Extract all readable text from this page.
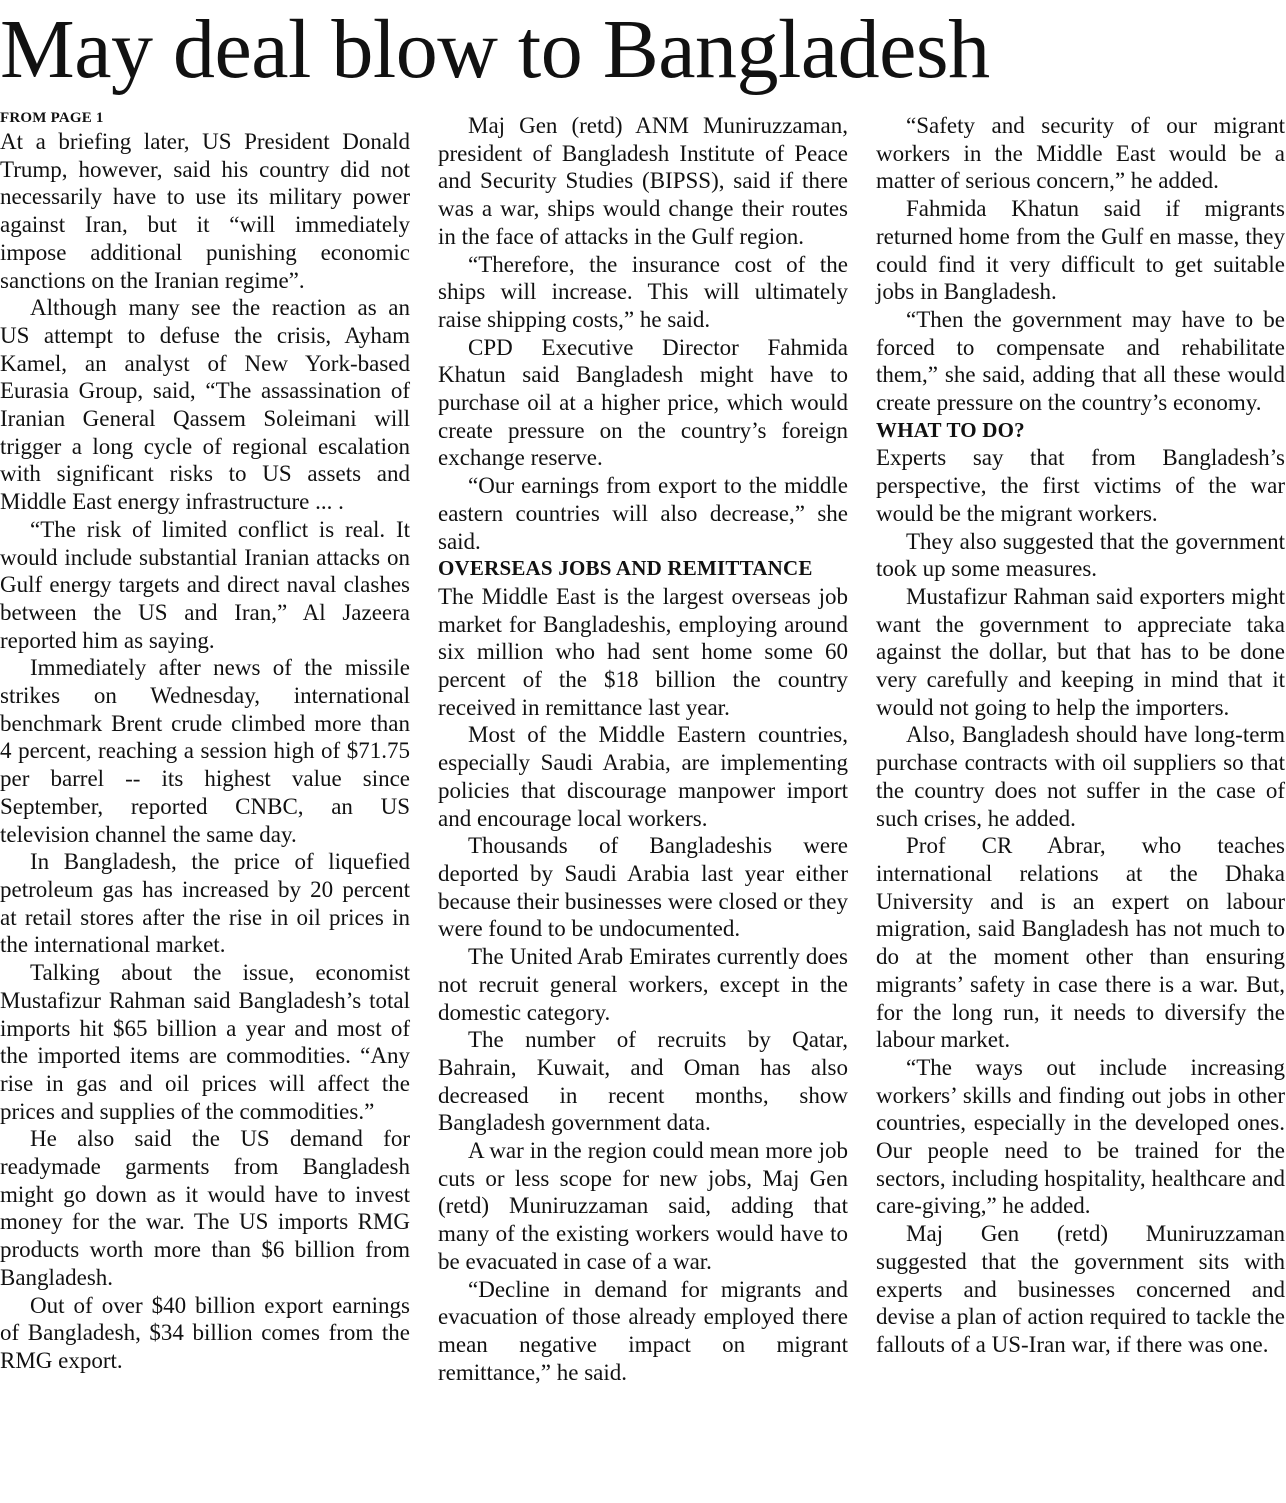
May deal blow to Bangladesh
FROM PAGE 1

At a briefing later, US President Donald Trump, however, said his country did not necessarily have to use its military power against Iran, but it “will immediately impose additional punishing economic sanctions on the Iranian regime”.

Although many see the reaction as an US attempt to defuse the crisis, Ayham Kamel, an analyst of New York-based Eurasia Group, said, “The assassination of Iranian General Qassem Soleimani will trigger a long cycle of regional escalation with significant risks to US assets and Middle East energy infrastructure ... .

“The risk of limited conflict is real. It would include substantial Iranian attacks on Gulf energy targets and direct naval clashes between the US and Iran,” Al Jazeera reported him as saying.

Immediately after news of the missile strikes on Wednesday, international benchmark Brent crude climbed more than 4 percent, reaching a session high of $71.75 per barrel -- its highest value since September, reported CNBC, an US television channel the same day.

In Bangladesh, the price of liquefied petroleum gas has increased by 20 percent at retail stores after the rise in oil prices in the international market.

Talking about the issue, economist Mustafizur Rahman said Bangladesh’s total imports hit $65 billion a year and most of the imported items are commodities. “Any rise in gas and oil prices will affect the prices and supplies of the commodities.”

He also said the US demand for readymade garments from Bangladesh might go down as it would have to invest money for the war. The US imports RMG products worth more than $6 billion from Bangladesh.

Out of over $40 billion export earnings of Bangladesh, $34 billion comes from the RMG export.

Maj Gen (retd) ANM Muniruzzaman, president of Bangladesh Institute of Peace and Security Studies (BIPSS), said if there was a war, ships would change their routes in the face of attacks in the Gulf region.

“Therefore, the insurance cost of the ships will increase. This will ultimately raise shipping costs,” he said.

CPD Executive Director Fahmida Khatun said Bangladesh might have to purchase oil at a higher price, which would create pressure on the country’s foreign exchange reserve.

“Our earnings from export to the middle eastern countries will also decrease,” she said.

OVERSEAS JOBS AND REMITTANCE

The Middle East is the largest overseas job market for Bangladeshis, employing around six million who had sent home some 60 percent of the $18 billion the country received in remittance last year.

Most of the Middle Eastern countries, especially Saudi Arabia, are implementing policies that discourage manpower import and encourage local workers.

Thousands of Bangladeshis were deported by Saudi Arabia last year either because their businesses were closed or they were found to be undocumented.

The United Arab Emirates currently does not recruit general workers, except in the domestic category.

The number of recruits by Qatar, Bahrain, Kuwait, and Oman has also decreased in recent months, show Bangladesh government data.

A war in the region could mean more job cuts or less scope for new jobs, Maj Gen (retd) Muniruzzaman said, adding that many of the existing workers would have to be evacuated in case of a war.

“Decline in demand for migrants and evacuation of those already employed there mean negative impact on migrant remittance,” he said.

“Safety and security of our migrant workers in the Middle East would be a matter of serious concern,” he added.

Fahmida Khatun said if migrants returned home from the Gulf en masse, they could find it very difficult to get suitable jobs in Bangladesh.

“Then the government may have to be forced to compensate and rehabilitate them,” she said, adding that all these would create pressure on the country’s economy.

WHAT TO DO?

Experts say that from Bangladesh’s perspective, the first victims of the war would be the migrant workers.

They also suggested that the government took up some measures.

Mustafizur Rahman said exporters might want the government to appreciate taka against the dollar, but that has to be done very carefully and keeping in mind that it would not going to help the importers.

Also, Bangladesh should have long-term purchase contracts with oil suppliers so that the country does not suffer in the case of such crises, he added.

Prof CR Abrar, who teaches international relations at the Dhaka University and is an expert on labour migration, said Bangladesh has not much to do at the moment other than ensuring migrants’ safety in case there is a war. But, for the long run, it needs to diversify the labour market.

“The ways out include increasing workers’ skills and finding out jobs in other countries, especially in the developed ones. Our people need to be trained for the sectors, including hospitality, healthcare and care-giving,” he added.

Maj Gen (retd) Muniruzzaman suggested that the government sits with experts and businesses concerned and devise a plan of action required to tackle the fallouts of a US-Iran war, if there was one.
